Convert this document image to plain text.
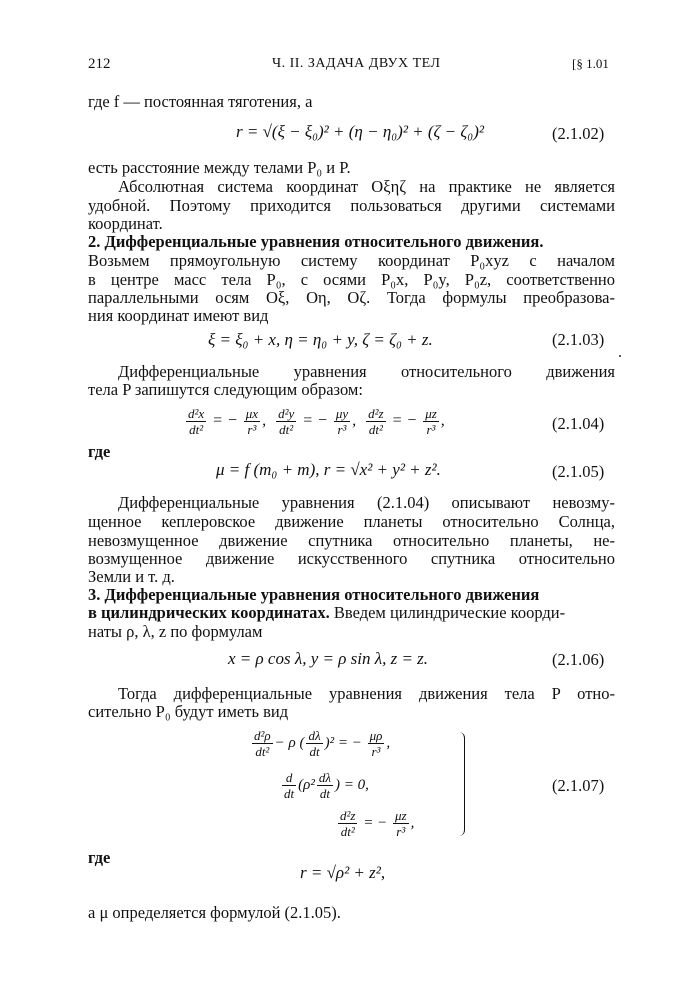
212	Ч. II. ЗАДАЧА ДВУХ ТЕЛ	[§ 1.01
где f — постоянная тяготения, а
r = √(ξ − ξ₀)² + (η − η₀)² + (ζ − ζ₀)²	(2.1.02)
есть расстояние между телами P₀ и P.
Абсолютная система координат Oξηζ на практике не является
удобной. Поэтому приходится пользоваться другими системами
координат.
2. Дифференциальные уравнения относительного движения.
Возьмем прямоугольную систему координат P₀xyz с началом
в центре масс тела P₀, с осями P₀x, P₀y, P₀z, соответственно
параллельными осям Oξ, Oη, Oζ. Тогда формулы преобразова-
ния координат имеют вид
ξ = ξ₀ + x, η = η₀ + y, ζ = ζ₀ + z.	(2.1.03)
Дифференциальные уравнения относительного движения
тела P запишутся следующим образом:
$\frac{\text{d²x}}{\text{dt²}}$ = − $\frac{\mu x}{\text{r³}}$ , $\frac{\text{d²y}}{\text{dt²}}$ = − $\frac{\mu y}{\text{r³}}$ , $\frac{\text{d²z}}{\text{dt²}}$ = − $\frac{\mu z}{\text{r³}}$ ,	(2.1.04)
где
μ = f (m₀ + m), r = √x² + y² + z².	(2.1.05)
Дифференциальные уравнения (2.1.04) описывают невозму-
щенное кеплеровское движение планеты относительно Солнца,
невозмущенное движение спутника относительно планеты, не-
возмущенное движение искусственного спутника относительно
Земли и т. д.
3. Дифференциальные уравнения относительного движения
в цилиндрических координатах. Введем цилиндрические коорди-
наты ρ, λ, z по формулам
x = ρ cos λ, y = ρ sin λ, z = z.	(2.1.06)
Тогда дифференциальные уравнения движения тела P отно-
сительно P₀ будут иметь вид
$\frac{\text{d²ρ}}{\text{dt²}} - \rho$ ( $\frac{d\lambda}{dt} )^2$ = − $\frac{\mu\rho}{\text{r³}}$ ,
$\frac{d}{dt} (\rho^2 \frac{d\lambda}{dt}$ ) = 0,
$\frac{\text{d²z}}{\text{dt²}}$ = − $\frac{\mu z}{\text{r³}}$ ,
(2.1.07)
где
r = √ρ² + z²,
а μ определяется формулой (2.1.05).
